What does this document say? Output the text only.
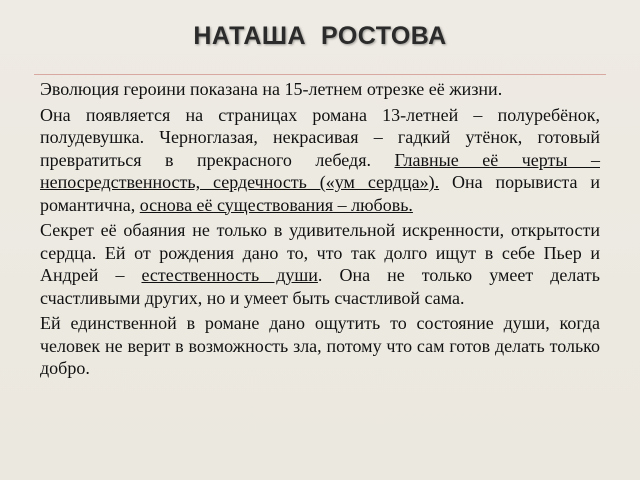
НАТАША  РОСТОВА

Эволюция героини показана на 15-летнем отрезке её жизни.

Она появляется на страницах романа 13-летней – полуребёнок, полудевушка. Черноглазая, некрасивая – гадкий утёнок, готовый превратиться в прекрасного лебедя. Главные её черты – непосредственность, сердечность («ум сердца»). Она порывиста и романтична, основа её существования – любовь.

Секрет её обаяния не только в удивительной искренности, открытости сердца. Ей от рождения дано то, что так долго ищут в себе Пьер и Андрей – естественность души. Она не только умеет делать счастливыми других, но и умеет быть счастливой сама.

Ей единственной в романе дано ощутить то состояние души, когда человек не верит в возможность зла, потому что сам готов делать только добро.
